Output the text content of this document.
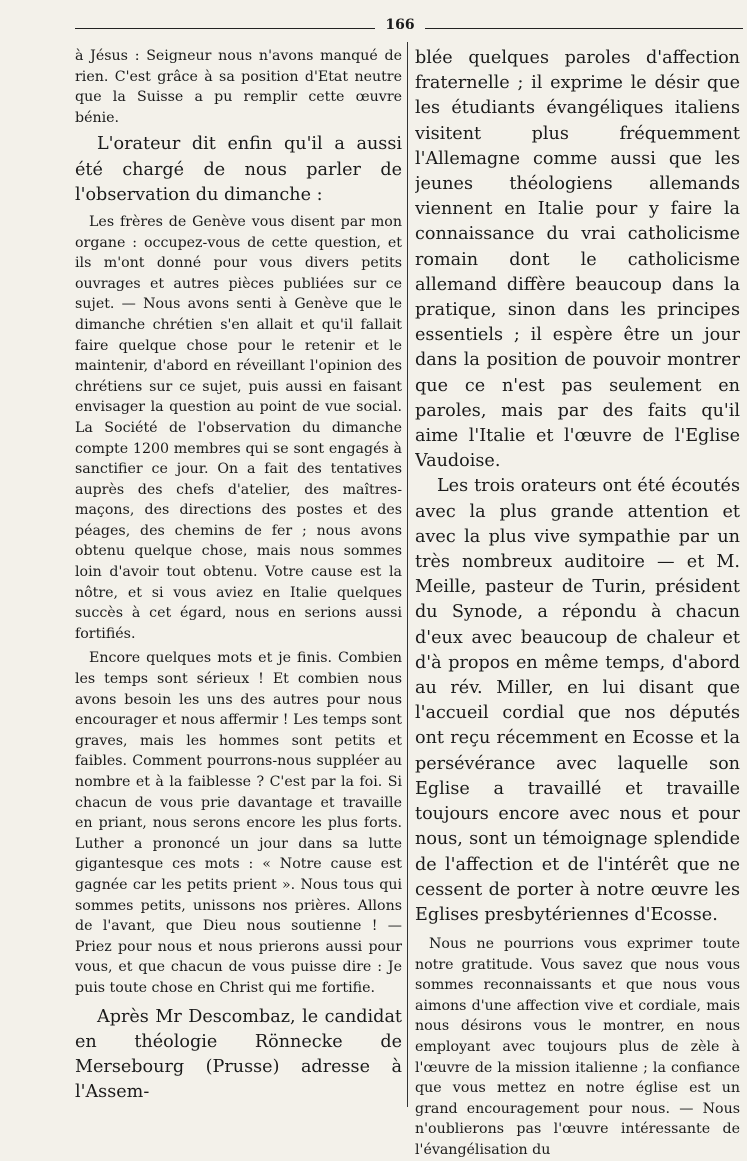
166

à Jésus : Seigneur nous n'avons manqué de rien. C'est grâce à sa position d'Etat neutre que la Suisse a pu remplir cette œuvre bénie.

L'orateur dit enfin qu'il a aussi été chargé de nous parler de l'observation du dimanche :

Les frères de Genève vous disent par mon organe : occupez-vous de cette question, et ils m'ont donné pour vous divers petits ouvrages et autres pièces publiées sur ce sujet. — Nous avons senti à Genève que le dimanche chrétien s'en allait et qu'il fallait faire quelque chose pour le retenir et le maintenir, d'abord en réveillant l'opinion des chrétiens sur ce sujet, puis aussi en faisant envisager la question au point de vue social. La Société de l'observation du dimanche compte 1200 membres qui se sont engagés à sanctifier ce jour. On a fait des tentatives auprès des chefs d'atelier, des maîtres-maçons, des directions des postes et des péages, des chemins de fer ; nous avons obtenu quelque chose, mais nous sommes loin d'avoir tout obtenu. Votre cause est la nôtre, et si vous aviez en Italie quelques succès à cet égard, nous en serions aussi fortifiés.

Encore quelques mots et je finis. Combien les temps sont sérieux ! Et combien nous avons besoin les uns des autres pour nous encourager et nous affermir ! Les temps sont graves, mais les hommes sont petits et faibles. Comment pourrons-nous suppléer au nombre et à la faiblesse ? C'est par la foi. Si chacun de vous prie davantage et travaille en priant, nous serons encore les plus forts. Luther a prononcé un jour dans sa lutte gigantesque ces mots : « Notre cause est gagnée car les petits prient ». Nous tous qui sommes petits, unissons nos prières. Allons de l'avant, que Dieu nous soutienne ! — Priez pour nous et nous prierons aussi pour vous, et que chacun de vous puisse dire : Je puis toute chose en Christ qui me fortifie.

Après Mr Descombaz, le candidat en théologie Rönnecke de Mersebourg (Prusse) adresse à l'Assem-

blée quelques paroles d'affection fraternelle ; il exprime le désir que les étudiants évangéliques italiens visitent plus fréquemment l'Allemagne comme aussi que les jeunes théologiens allemands viennent en Italie pour y faire la connaissance du vrai catholicisme romain dont le catholicisme allemand diffère beaucoup dans la pratique, sinon dans les principes essentiels ; il espère être un jour dans la position de pouvoir montrer que ce n'est pas seulement en paroles, mais par des faits qu'il aime l'Italie et l'œuvre de l'Eglise Vaudoise.

Les trois orateurs ont été écoutés avec la plus grande attention et avec la plus vive sympathie par un très nombreux auditoire — et M. Meille, pasteur de Turin, président du Synode, a répondu à chacun d'eux avec beaucoup de chaleur et d'à propos en même temps, d'abord au rév. Miller, en lui disant que l'accueil cordial que nos députés ont reçu récemment en Ecosse et la persévérance avec laquelle son Eglise a travaillé et travaille toujours encore avec nous et pour nous, sont un témoignage splendide de l'affection et de l'intérêt que ne cessent de porter à notre œuvre les Eglises presbytériennes d'Ecosse.

Nous ne pourrions vous exprimer toute notre gratitude. Vous savez que nous vous sommes reconnaissants et que nous vous aimons d'une affection vive et cordiale, mais nous désirons vous le montrer, en nous employant avec toujours plus de zèle à l'œuvre de la mission italienne ; la confiance que vous mettez en notre église est un grand encouragement pour nous. — Nous n'oublierons pas l'œuvre intéressante de l'évangélisation du
